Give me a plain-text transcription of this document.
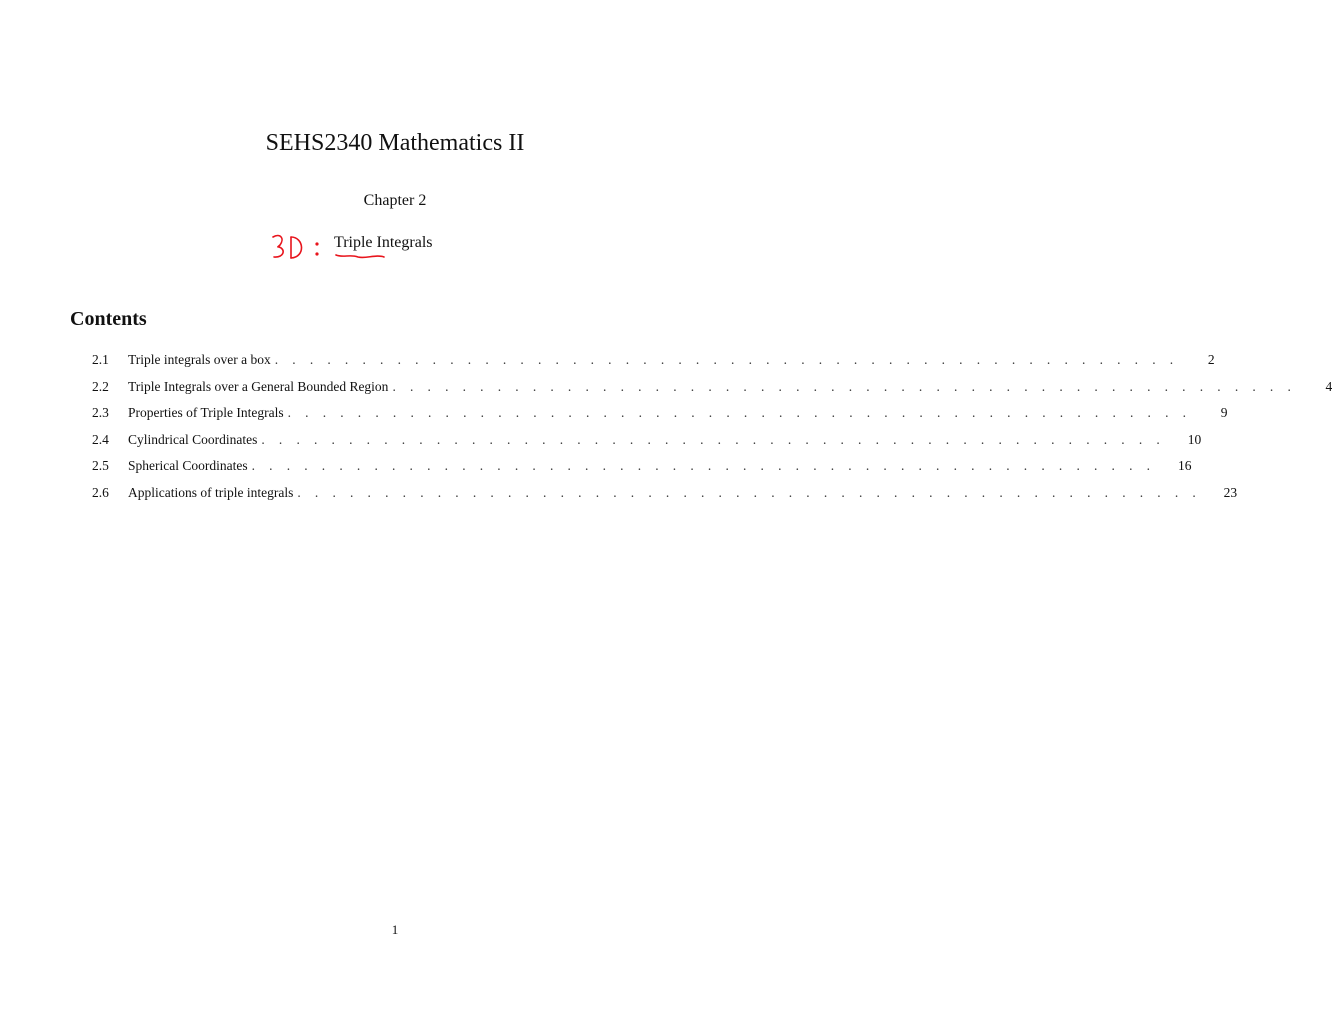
SEHS2340 Mathematics II
Chapter 2
Triple Integrals
Contents
2.1	Triple integrals over a box . . . . . . . . . . . . . . . . . . . . . . . . . . . . . . . . . . . . . . . . . . . . . . . . . . . .	2
2.2	Triple Integrals over a General Bounded Region . . . . . . . . . . . . . . . . . . . . . . . . . . . . . . . . . . . . . . . . . . . . . . . . . . . .	4
2.3	Properties of Triple Integrals . . . . . . . . . . . . . . . . . . . . . . . . . . . . . . . . . . . . . . . . . . . . . . . . . . . .	9
2.4	Cylindrical Coordinates . . . . . . . . . . . . . . . . . . . . . . . . . . . . . . . . . . . . . . . . . . . . . . . . . . . .	10
2.5	Spherical Coordinates . . . . . . . . . . . . . . . . . . . . . . . . . . . . . . . . . . . . . . . . . . . . . . . . . . . .	16
2.6	Applications of triple integrals . . . . . . . . . . . . . . . . . . . . . . . . . . . . . . . . . . . . . . . . . . . . . . . . . . . .	23
1
